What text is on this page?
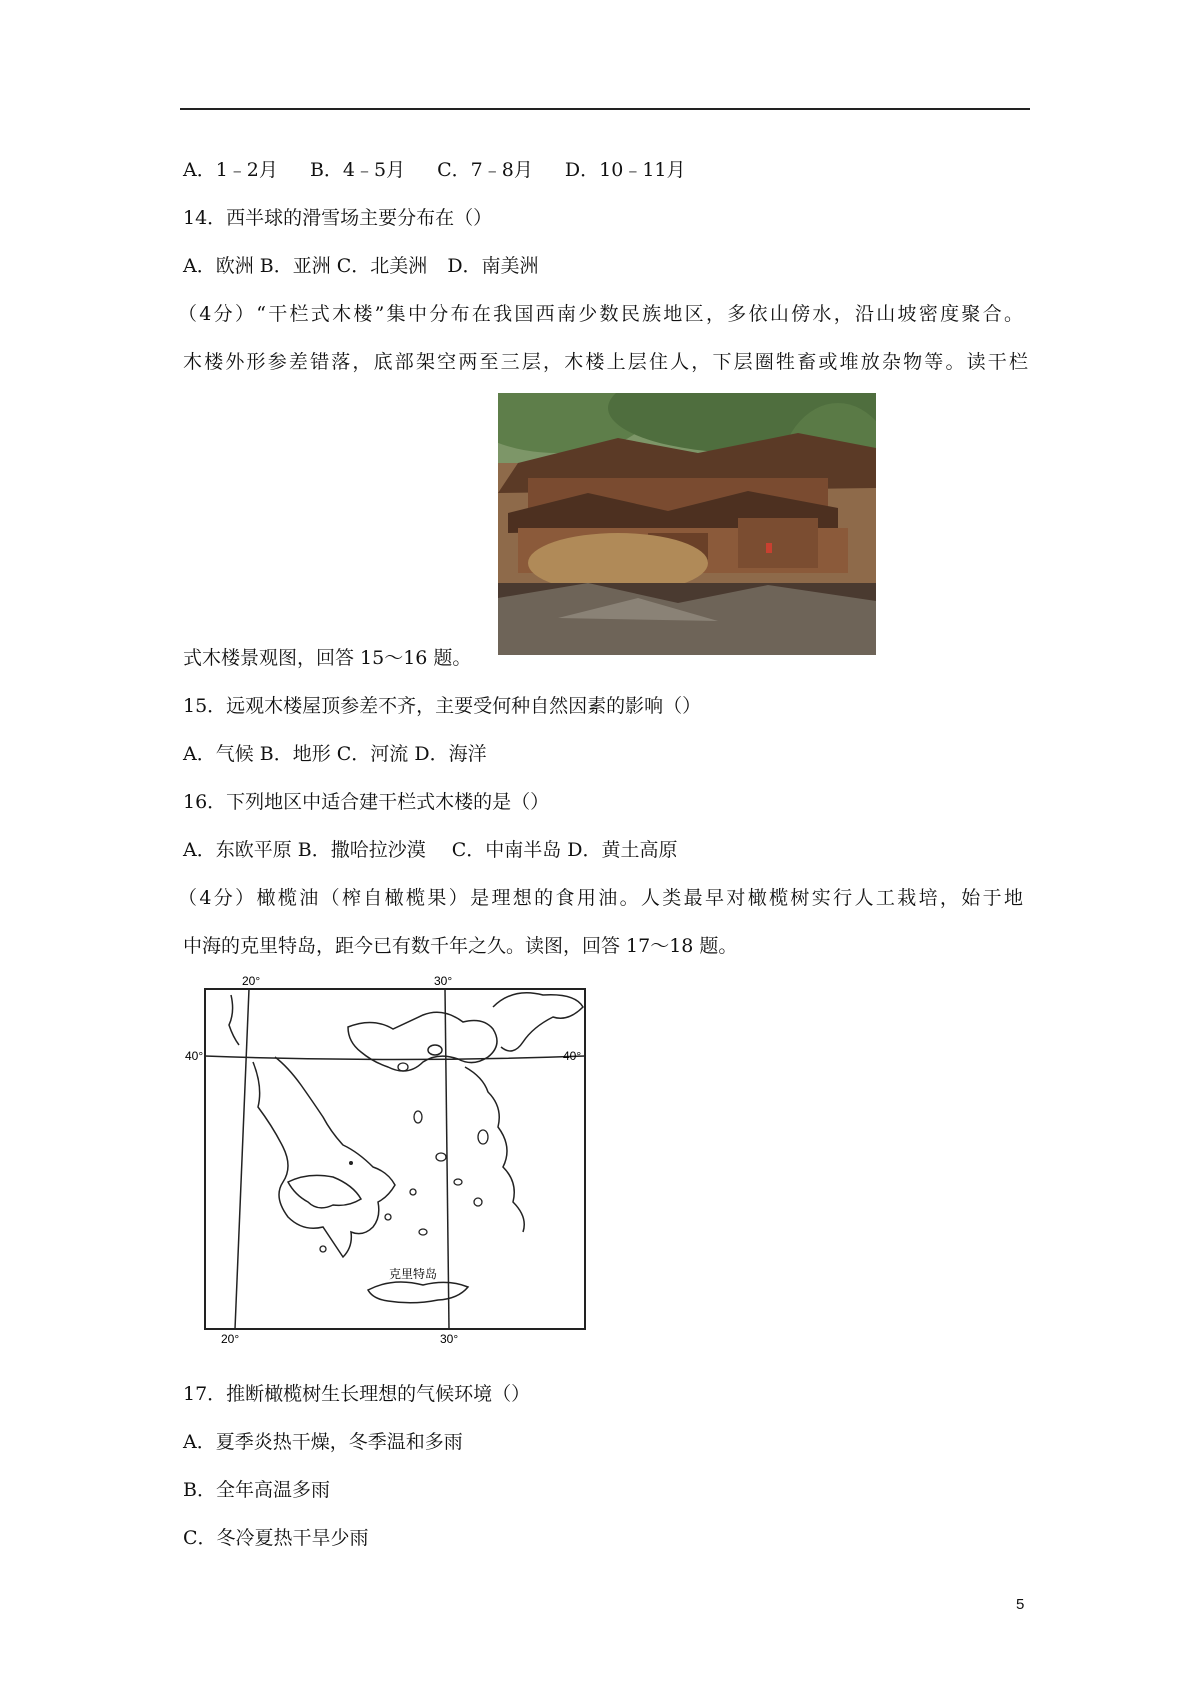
A．1﹣2月 B．4﹣5月 C．7﹣8月 D．10﹣11月
14．西半球的滑雪场主要分布在（）
A．欧洲 B．亚洲 C．北美洲 D．南美洲
（4分）“干栏式木楼”集中分布在我国西南少数民族地区，多依山傍水，沿山坡密度聚合。
木楼外形参差错落，底部架空两至三层，木楼上层住人，下层圈牲畜或堆放杂物等。读干栏
式木楼景观图，回答 15～16 题。
15．远观木楼屋顶参差不齐，主要受何种自然因素的影响（）
A．气候 B．地形 C．河流 D．海洋
16．下列地区中适合建干栏式木楼的是（）
A．东欧平原 B．撒哈拉沙漠 C．中南半岛 D．黄土高原
（4分）橄榄油（榨自橄榄果）是理想的食用油。人类最早对橄榄树实行人工栽培，始于地
中海的克里特岛，距今已有数千年之久。读图，回答 17～18 题。
20°	30°
40°	40°
20°	30°
克里特岛
17．推断橄榄树生长理想的气候环境（）
A．夏季炎热干燥，冬季温和多雨
B．全年高温多雨
C．冬冷夏热干旱少雨
5
